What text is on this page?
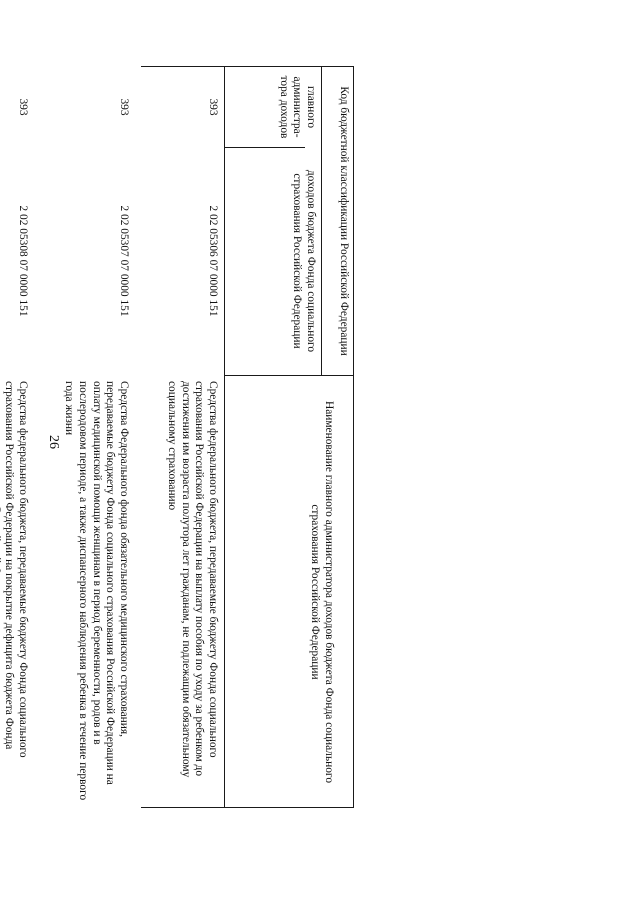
26
Код бюджетной классификации Российской Федерации
главного администра-тора доходов
доходов бюджета Фонда социального страхования Российской Федерации
Наименование главного администратора доходов бюджета Фонда социального страхования Российской Федерации
393
2 02 05306 07 0000 151
Средства федерального бюджета, передаваемые бюджету Фонда социального страхования Российской Федерации на выплату пособия по уходу за ребенком до достижения им возраста полутора лет гражданам, не подлежащим обязательному социальному страхованию
393
2 02 05307 07 0000 151
Средства Федерального фонда обязательного медицинского страхования, передаваемые бюджету Фонда социального страхования Российской Федерации на оплату медицинской помощи женщинам в период беременности, родов и в послеродовом периоде, а также диспансерного наблюдения ребенка в течение первого года жизни
393
2 02 05308 07 0000 151
Средства федерального бюджета, передаваемые бюджету Фонда социального страхования Российской Федерации на покрытие дефицита бюджета Фонда
